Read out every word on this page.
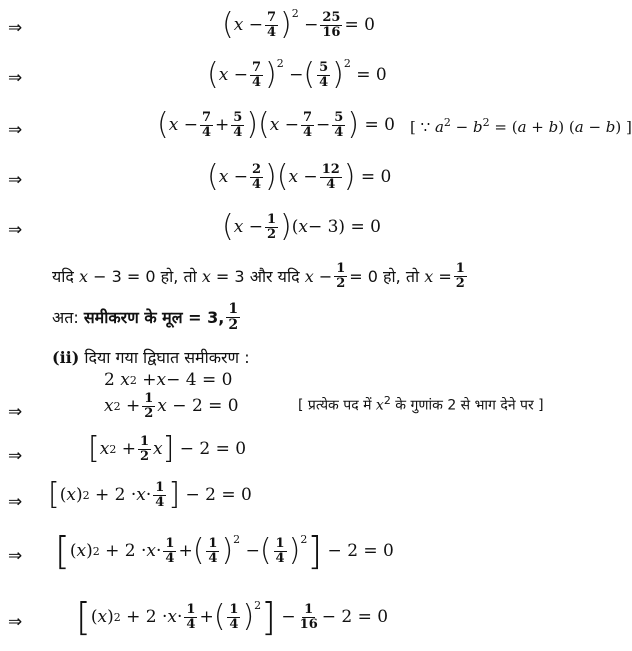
⇒	( $x - \frac{7}{4} )^2$
− $\frac{25}{16} = 0$
⇒	( $x - \frac{7}{4} )^2$
− ( $\frac{5}{4} )^2$
= 0
⇒	( $x - \frac{7}{4} + \frac{5}{4}$ )( $x - \frac{7}{4} - \frac{5}{4}$ ) = 0 [ ∵ $a^2 - b^2 = (a + b) (a - b)$ ]
⇒	( $x - \frac{2}{4}$ )( $x - \frac{12}{4}$ ) = 0
⇒	( $x - \frac{1}{2}$ ) ( x − 3) = 0
यदि x − 3 = 0 हो, तो x = 3 और यदि $x - \frac{1}{2} = 0$ हो, तो $x = \frac{1}{2}$
अत: समीकरण के मूल = 3, $\frac{1}{2}$
(ii) दिया गया द्विघात समीकरण :
2 x 2 + x − 4 = 0
⇒	x $2 + \frac{1}{2}$ x − 2 = 0	[ प्रत्येक पद में $x^2$ के गुणांक 2 से भाग देने पर ]
⇒ [ x $2 + \frac{1}{2}$ x ] − 2 = 0
⇒ [ ( x ) $2 + 2 \cdot x \cdot \frac{1}{4}$ ] − 2 = 0
⇒ [ ( x ) $2 + 2 \cdot x \cdot \frac{1}{4}$ + ( $\frac{1}{4} )^2$
− ( $\frac{1}{4} )^2$ ] − 2 = 0
⇒ [ ( x ) $2 + 2 \cdot x \cdot \frac{1}{4}$ + ( $\frac{1}{4} )^2$ ] − $\frac{1}{16} - 2 = 0$
